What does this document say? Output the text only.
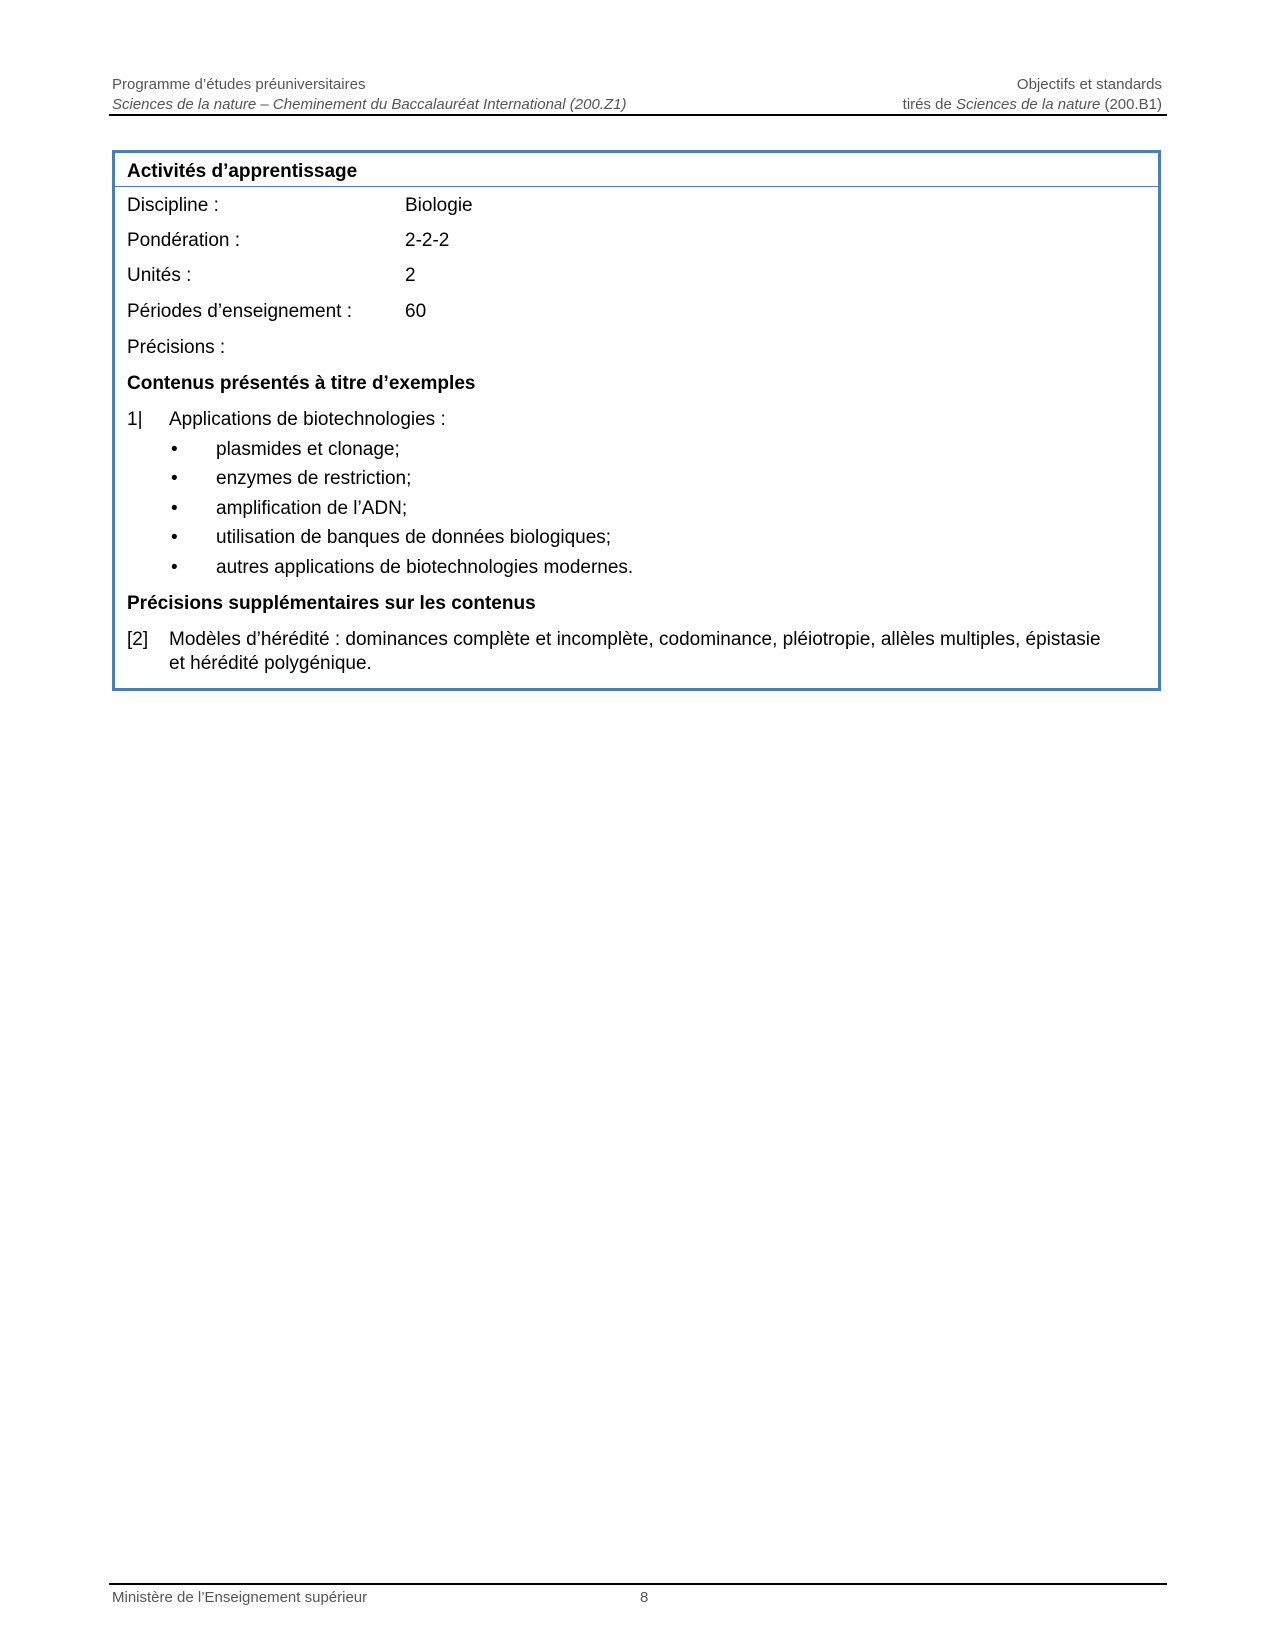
Programme d’études préuniversitaires	Objectifs et standards
Sciences de la nature – Cheminement du Baccalauréat International (200.Z1)	tirés de Sciences de la nature (200.B1)
Activités d’apprentissage
Discipline :	Biologie
Pondération :	2-2-2
Unités :	2
Périodes d’enseignement :	60
Précisions :
Contenus présentés à titre d’exemples
1| Applications de biotechnologies :
• plasmides et clonage;
• enzymes de restriction;
• amplification de l’ADN;
• utilisation de banques de données biologiques;
• autres applications de biotechnologies modernes.
Précisions supplémentaires sur les contenus
[2] Modèles d’hérédité : dominances complète et incomplète, codominance, pléiotropie, allèles multiples, épistasie et hérédité polygénique.
Ministère de l’Enseignement supérieur	8
